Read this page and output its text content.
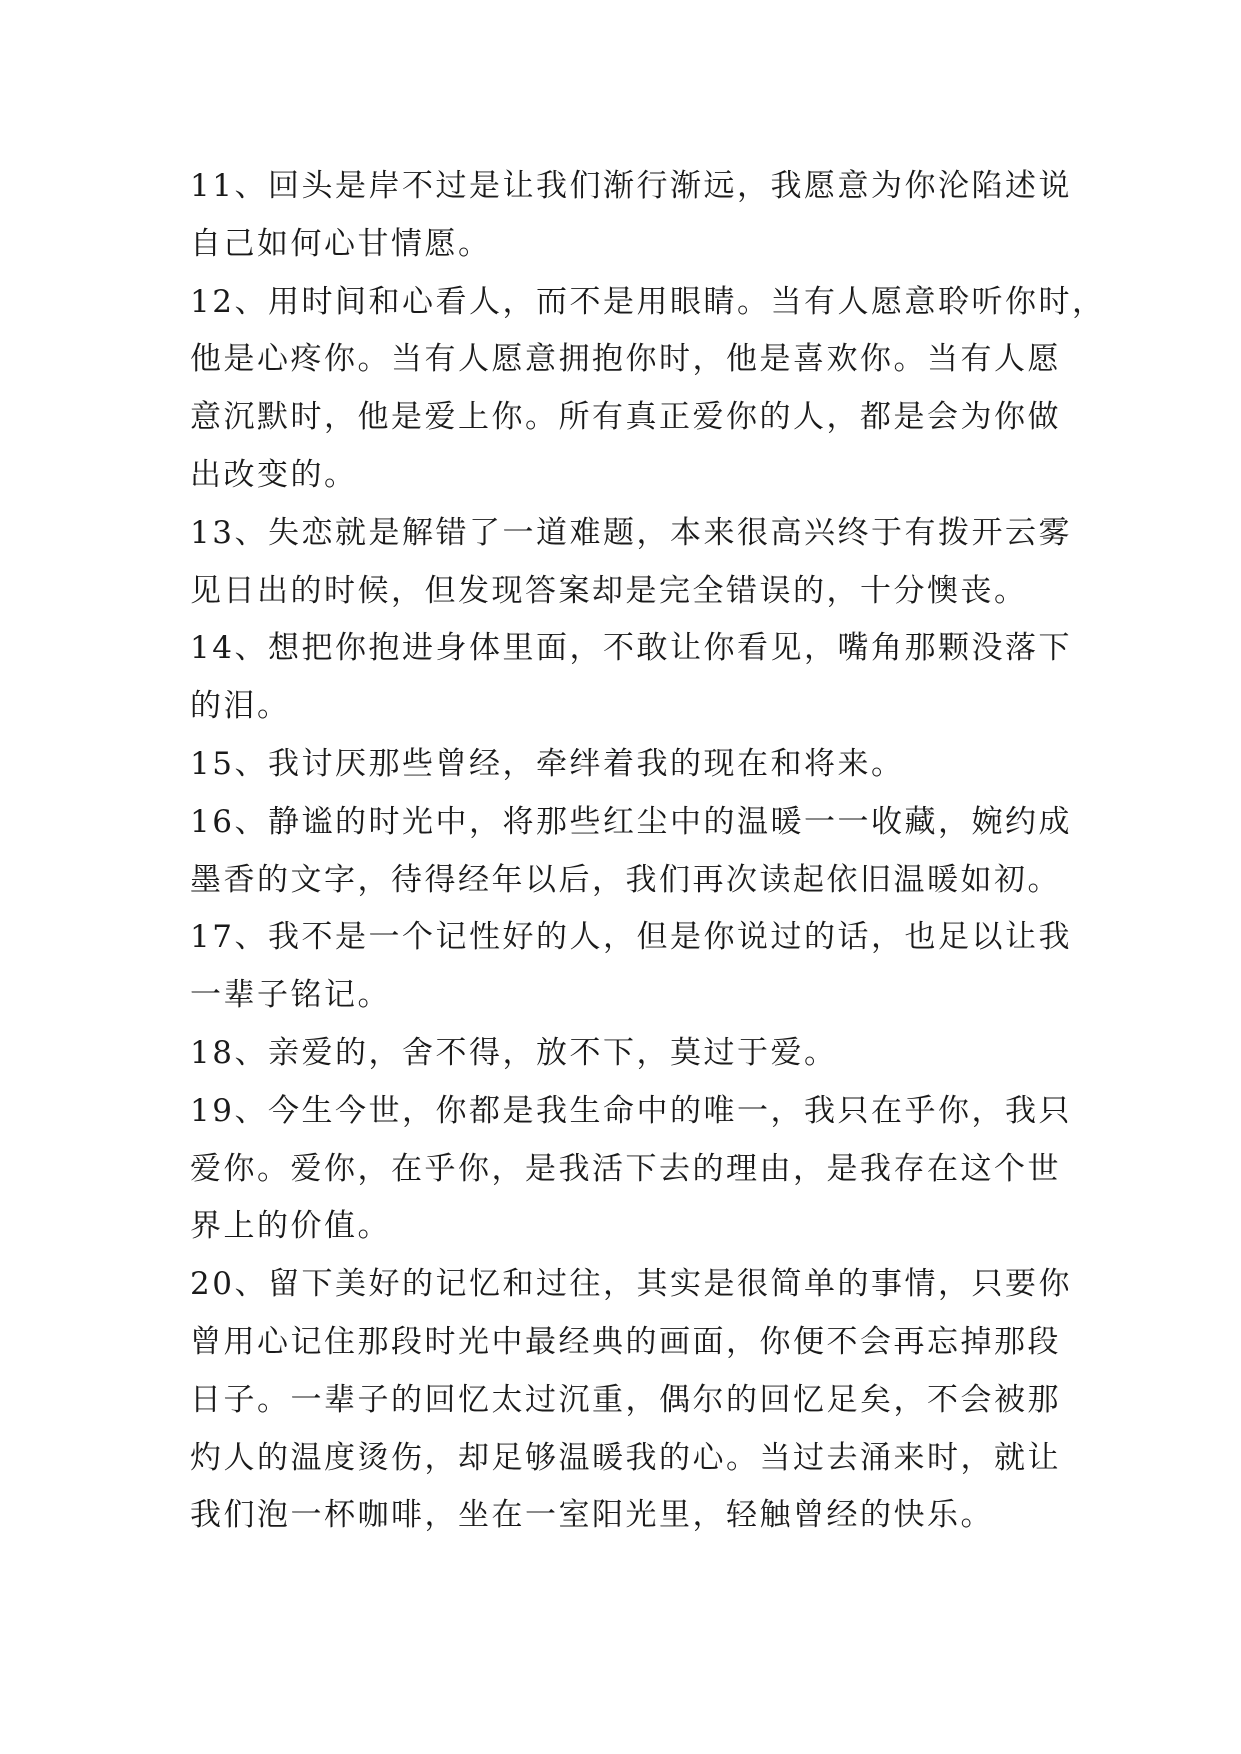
11、回头是岸不过是让我们渐行渐远，我愿意为你沦陷述说
自己如何心甘情愿。
12、用时间和心看人，而不是用眼睛。当有人愿意聆听你时，
他是心疼你。当有人愿意拥抱你时，他是喜欢你。当有人愿
意沉默时，他是爱上你。所有真正爱你的人，都是会为你做
出改变的。
13、失恋就是解错了一道难题，本来很高兴终于有拨开云雾
见日出的时候，但发现答案却是完全错误的，十分懊丧。
14、想把你抱进身体里面，不敢让你看见，嘴角那颗没落下
的泪。
15、我讨厌那些曾经，牵绊着我的现在和将来。
16、静谧的时光中，将那些红尘中的温暖一一收藏，婉约成
墨香的文字，待得经年以后，我们再次读起依旧温暖如初。
17、我不是一个记性好的人，但是你说过的话，也足以让我
一辈子铭记。
18、亲爱的，舍不得，放不下，莫过于爱。
19、今生今世，你都是我生命中的唯一，我只在乎你，我只
爱你。爱你，在乎你，是我活下去的理由，是我存在这个世
界上的价值。
20、留下美好的记忆和过往，其实是很简单的事情，只要你
曾用心记住那段时光中最经典的画面，你便不会再忘掉那段
日子。一辈子的回忆太过沉重，偶尔的回忆足矣，不会被那
灼人的温度烫伤，却足够温暖我的心。当过去涌来时，就让
我们泡一杯咖啡，坐在一室阳光里，轻触曾经的快乐。
